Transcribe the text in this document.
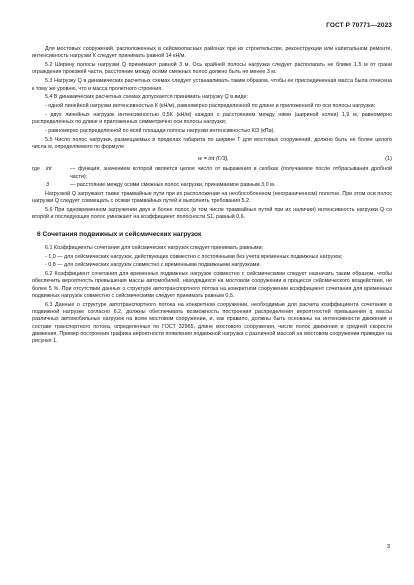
ГОСТ Р 70771—2023

Для мостовых сооружений, расположенных в сейсмоопасных районах при их строительстве, реконструкции или капитальном ремонте, интенсивность нагрузки К следует принимать равной 14 кН/м.

5.2 Ширину полосы нагрузки Q принимают равной 3 м. Ось крайней полосы нагрузки следует располагать не ближе 1,5 м от грани ограждения проезжей части, расстояние между осями смежных полос должно быть не менее 3 м.

5.3 Нагрузку Q в динамических расчетных схемах следует устанавливать таким образом, чтобы ее присоединенная масса была отнесена к тому же уровню, что и масса пролетного строения.

5.4 В динамических расчетных схемах допускается принимать нагрузку Q в виде:

- одной линейной нагрузки интенсивностью К (кН/м), равномерно распределенной по длине и приложенной по оси полосы нагрузки;

- двух линейных нагрузок интенсивностью 0,5К (кН/м) каждая с расстоянием между ними (шириной колеи) 1,9 м, равномерно распределенных по длине и приложенных симметрично оси полосы нагрузки;

- равномерно распределенной по всей площади полосы нагрузки интенсивностью К/3 (кПа).

5.5 Число полос нагрузки, размещаемых в пределах габарита по ширине Г для мостовых сооружений, должно быть не более целого числа w, определяемого по формуле

w = int (Г/3),	(1)
где	int	— функция, значением которой является целое число от выражения в скобках (получаемое после отбрасывания дробной части);
3	— расстояние между осями смежных полос нагрузки, принимаемое равным 3,0 м.

Нагрузкой Q загружают также трамвайные пути при их расположении на необособленном (неограниченном) полотне. При этом оси полос нагрузки Q следует совмещать с осями трамвайных путей и выполнять требования 5.2.

5.6 При одновременном загружении двух и более полос (в том числе трамвайных путей при их наличии) интенсивность нагрузки Q со второй и последующих полос умножают на коэффициент полосности S1, равный 0,6.

6 Сочетания подвижных и сейсмических нагрузок

6.1 Коэффициенты сочетания для сейсмических нагрузок следует принимать равными:

- 1,0 — для сейсмических нагрузок, действующих совместно с постоянными без учета временных подвижных нагрузок;

- 0,8 — для сейсмических нагрузок совместно с временными подвижными нагрузками.

6.2 Коэффициент сочетания для временных подвижных нагрузок совместно с сейсмическими следует назначать таким образом, чтобы обеспечить вероятность превышения массы автомобилей, находящихся на мостовом сооружении в процессе сейсмического воздействия, не более 5 %. При отсутствии данных о структуре автотранспортного потока на конкретном сооружении коэффициент сочетания для временных подвижных нагрузок совместно с сейсмическими следует принимать равным 0,5.

6.3 Данные о структуре автотранспортного потока на конкретном сооружении, необходимые для расчета коэффициента сочетания в подвижной нагрузке согласно 6.2, должны обеспечивать возможность построения распределения вероятностей превышения q массы различных автомобильных нагрузок на всем мостовом сооружении, и, как правило, должны быть основаны на интенсивности движения и составе транспортного потока, определенных по ГОСТ 32965, длине мостового сооружения, числе полос движения и средней скорости движения. Пример построения графика вероятности появления подвижной нагрузки с различной массой на мостовом сооружении приведен на рисунке 1.

3
